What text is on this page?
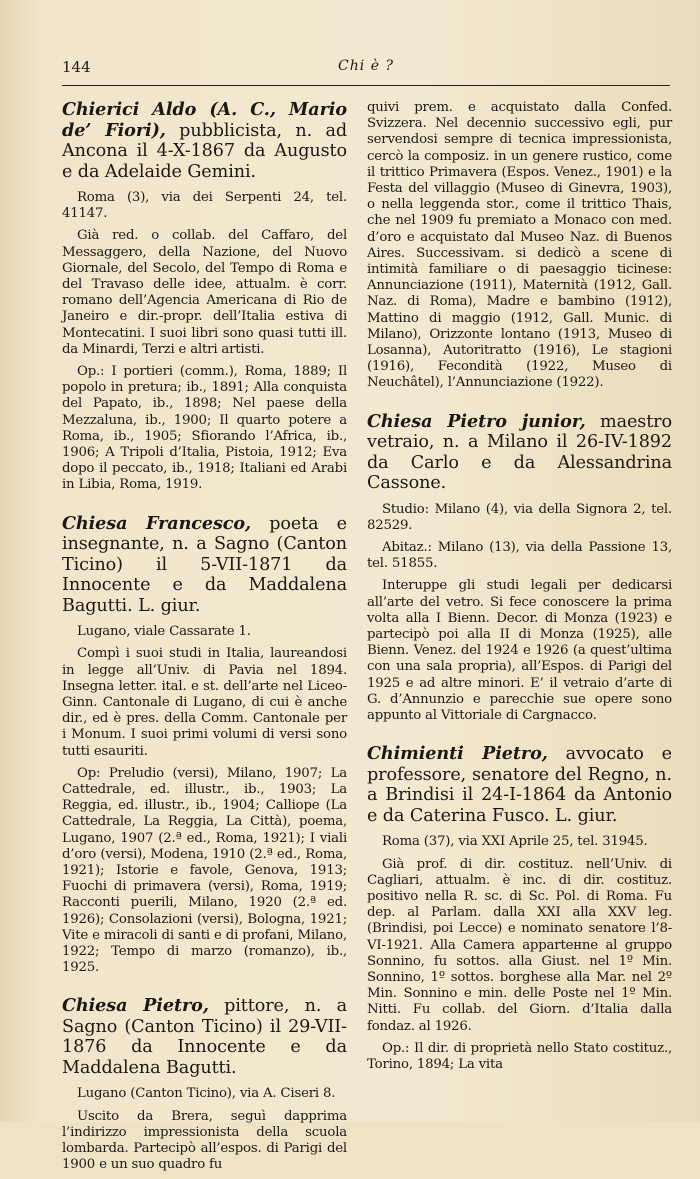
144	Chi è ?

Chierici Aldo (A. C., Mario de’ Fiori), pubblicista, n. ad Ancona il 4-X-1867 da Augusto e da Adelaide Gemini.

Roma (3), via dei Serpenti 24, tel. 41147.

Già red. o collab. del Caffaro, del Messaggero, della Nazione, del Nuovo Giornale, del Secolo, del Tempo di Roma e del Travaso delle idee, attualm. è corr. romano dell’Agencia Americana di Rio de Janeiro e dir.-propr. dell’Italia estiva di Montecatini. I suoi libri sono quasi tutti ill. da Minardi, Terzi e altri artisti.

Op.: I portieri (comm.), Roma, 1889; Il popolo in pretura; ib., 1891; Alla conquista del Papato, ib., 1898; Nel paese della Mezzaluna, ib., 1900; Il quarto potere a Roma, ib., 1905; Sfiorando l’Africa, ib., 1906; A Tripoli d’Italia, Pistoia, 1912; Eva dopo il peccato, ib., 1918; Italiani ed Arabi in Libia, Roma, 1919.

Chiesa Francesco, poeta e insegnante, n. a Sagno (Canton Ticino) il 5-VII-1871 da Innocente e da Maddalena Bagutti. L. giur.

Lugano, viale Cassarate 1.

Compì i suoi studi in Italia, laureandosi in legge all’Univ. di Pavia nel 1894. Insegna letter. ital. e st. dell’arte nel Liceo-Ginn. Cantonale di Lugano, di cui è anche dir., ed è pres. della Comm. Cantonale per i Monum. I suoi primi volumi di versi sono tutti esauriti.

Op: Preludio (versi), Milano, 1907; La Cattedrale, ed. illustr., ib., 1903; La Reggia, ed. illustr., ib., 1904; Calliope (La Cattedrale, La Reggia, La Città), poema, Lugano, 1907 (2.ª ed., Roma, 1921); I viali d’oro (versi), Modena, 1910 (2.ª ed., Roma, 1921); Istorie e favole, Genova, 1913; Fuochi di primavera (versi), Roma, 1919; Racconti puerili, Milano, 1920 (2.ª ed. 1926); Consolazioni (versi), Bologna, 1921; Vite e miracoli di santi e di profani, Milano, 1922; Tempo di marzo (romanzo), ib., 1925.

Chiesa Pietro, pittore, n. a Sagno (Canton Ticino) il 29-VII-1876 da Innocente e da Maddalena Bagutti.

Lugano (Canton Ticino), via A. Ciseri 8.

Uscito da Brera, seguì dapprima l’indirizzo impressionista della scuola lombarda. Partecipò all’espos. di Parigi del 1900 e un suo quadro fu

quivi prem. e acquistato dalla Confed. Svizzera. Nel decennio successivo egli, pur servendosi sempre di tecnica impressionista, cercò la composiz. in un genere rustico, come il trittico Primavera (Espos. Venez., 1901) e la Festa del villaggio (Museo di Ginevra, 1903), o nella leggenda stor., come il trittico Thais, che nel 1909 fu premiato a Monaco con med. d’oro e acquistato dal Museo Naz. di Buenos Aires. Successivam. si dedicò a scene di intimità familiare o di paesaggio ticinese: Annunciazione (1911), Maternità (1912, Gall. Naz. di Roma), Madre e bambino (1912), Mattino di maggio (1912, Gall. Munic. di Milano), Orizzonte lontano (1913, Museo di Losanna), Autoritratto (1916), Le stagioni (1916), Fecondità (1922, Museo di Neuchâtel), l’Annunciazione (1922).

Chiesa Pietro junior, maestro vetraio, n. a Milano il 26-IV-1892 da Carlo e da Alessandrina Cassone.

Studio: Milano (4), via della Signora 2, tel. 82529.

Abitaz.: Milano (13), via della Passione 13, tel. 51855.

Interuppe gli studi legali per dedicarsi all’arte del vetro. Si fece conoscere la prima volta alla I Bienn. Decor. di Monza (1923) e partecipò poi alla II di Monza (1925), alle Bienn. Venez. del 1924 e 1926 (a quest’ultima con una sala propria), all’Espos. di Parigi del 1925 e ad altre minori. E’ il vetraio d’arte di G. d’Annunzio e parecchie sue opere sono appunto al Vittoriale di Cargnacco.

Chimienti Pietro, avvocato e professore, senatore del Regno, n. a Brindisi il 24-I-1864 da Antonio e da Caterina Fusco. L. giur.

Roma (37), via XXI Aprile 25, tel. 31945.

Già prof. di dir. costituz. nell’Univ. di Cagliari, attualm. è inc. di dir. costituz. positivo nella R. sc. di Sc. Pol. di Roma. Fu dep. al Parlam. dalla XXI alla XXV leg. (Brindisi, poi Lecce) e nominato senatore l’8-VI-1921. Alla Camera apparteнne al gruppo Sonnino, fu sottos. alla Giust. nel 1º Min. Sonnino, 1º sottos. borghese alla Mar. nel 2º Min. Sonnino e min. delle Poste nel 1º Min. Nitti. Fu collab. del Giorn. d’Italia dalla fondaz. al 1926.

Op.: Il dir. di proprietà nello Stato costituz., Torino, 1894; La vita
